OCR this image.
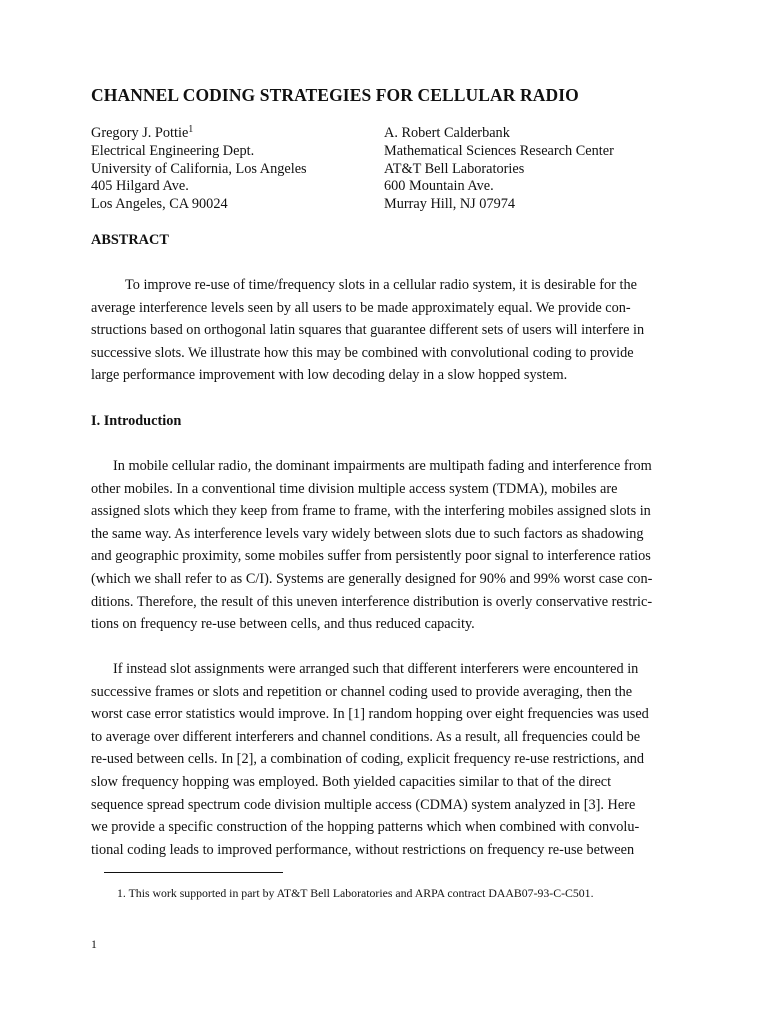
CHANNEL CODING STRATEGIES FOR CELLULAR RADIO
Gregory J. Pottie$^1$
Electrical Engineering Dept.
University of California, Los Angeles
405 Hilgard Ave.
Los Angeles, CA 90024
A. Robert Calderbank
Mathematical Sciences Research Center
AT&T Bell Laboratories
600 Mountain Ave.
Murray Hill, NJ 07974
ABSTRACT
To improve re-use of time/frequency slots in a cellular radio system, it is desirable for the
average interference levels seen by all users to be made approximately equal. We provide con-
structions based on orthogonal latin squares that guarantee different sets of users will interfere in
successive slots. We illustrate how this may be combined with convolutional coding to provide
large performance improvement with low decoding delay in a slow hopped system.
I. Introduction
In mobile cellular radio, the dominant impairments are multipath fading and interference from
other mobiles. In a conventional time division multiple access system (TDMA), mobiles are
assigned slots which they keep from frame to frame, with the interfering mobiles assigned slots in
the same way. As interference levels vary widely between slots due to such factors as shadowing
and geographic proximity, some mobiles suffer from persistently poor signal to interference ratios
(which we shall refer to as C/I). Systems are generally designed for 90% and 99% worst case con-
ditions. Therefore, the result of this uneven interference distribution is overly conservative restric-
tions on frequency re-use between cells, and thus reduced capacity.
If instead slot assignments were arranged such that different interferers were encountered in
successive frames or slots and repetition or channel coding used to provide averaging, then the
worst case error statistics would improve. In [1] random hopping over eight frequencies was used
to average over different interferers and channel conditions. As a result, all frequencies could be
re-used between cells. In [2], a combination of coding, explicit frequency re-use restrictions, and
slow frequency hopping was employed. Both yielded capacities similar to that of the direct
sequence spread spectrum code division multiple access (CDMA) system analyzed in [3]. Here
we provide a specific construction of the hopping patterns which when combined with convolu-
tional coding leads to improved performance, without restrictions on frequency re-use between
1. This work supported in part by AT&T Bell Laboratories and ARPA contract DAAB07-93-C-C501.
1
